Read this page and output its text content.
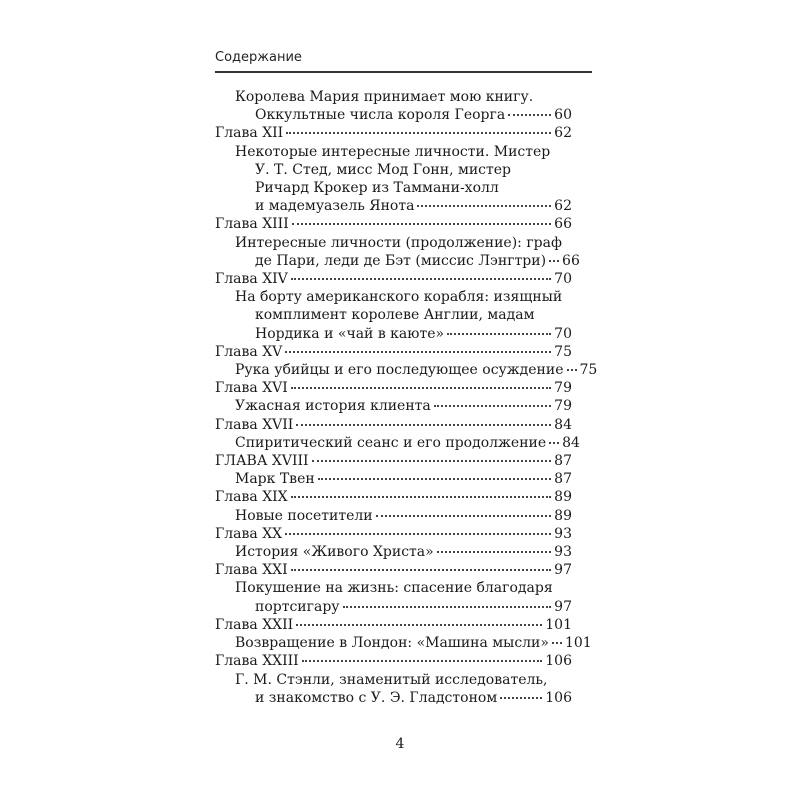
Содержание
Королева Мария принимает мою книгу.
Оккультные числа короля Георга	60
Глава XII	62
Некоторые интересные личности. Мистер
У. Т. Стед, мисс Мод Гонн, мистер
Ричард Крокер из Таммани-холл
и мадемуазель Янота	62
Глава XIII	66
Интересные личности (продолжение): граф
де Пари, леди де Бэт (миссис Лэнгтри) 66
Глава XIV	70
На борту американского корабля: изящный
комплимент королеве Англии, мадам
Нордика и «чай в каюте»	70
Глава XV	75
Рука убийцы и его последующее осуждение 75
Глава XVI	79
Ужасная история клиента	79
Глава XVII	84
Спиритический сеанс и его продолжение 84
ГЛАВА XVIII	87
Марк Твен	87
Глава XIX	89
Новые посетители	89
Глава XX	93
История «Живого Христа»	93
Глава XXI	97
Покушение на жизнь: спасение благодаря
портсигару	97
Глава XXII	101
Возвращение в Лондон: «Машина мысли» 101
Глава XXIII	106
Г. М. Стэнли, знаменитый исследователь,
и знакомство с У. Э. Гладстоном	106
4
